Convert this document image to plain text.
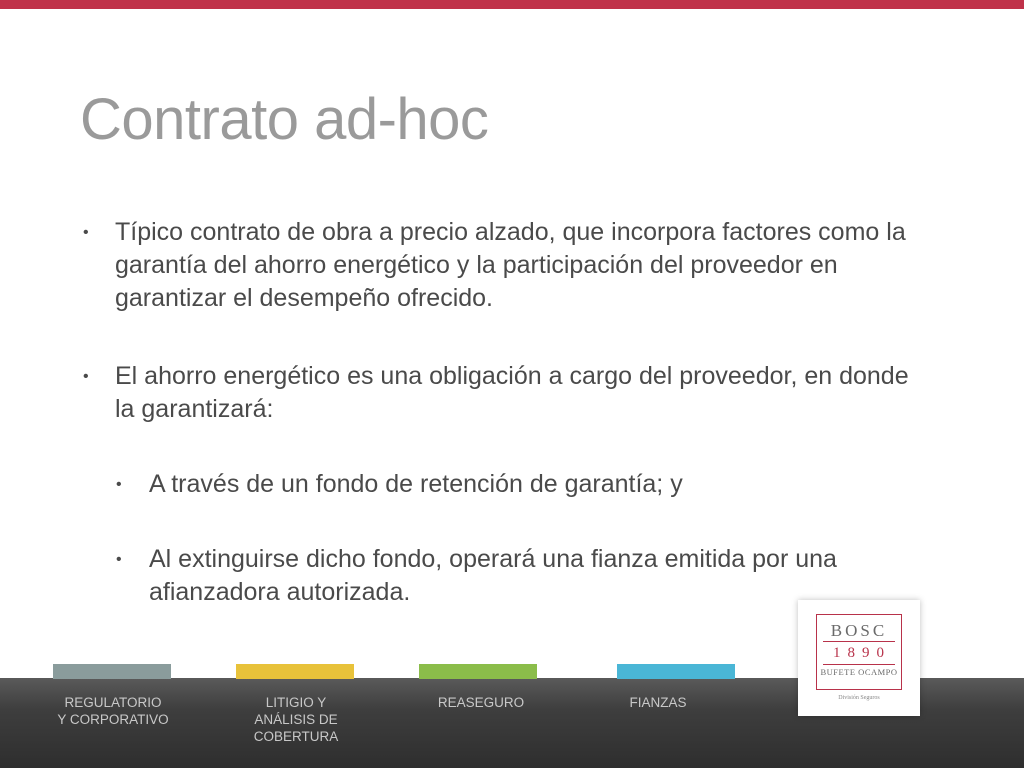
Contrato ad-hoc
• Típico contrato de obra a precio alzado, que incorpora factores como la garantía del ahorro energético y la participación del proveedor en garantizar el desempeño ofrecido.
• El ahorro energético es una obligación a cargo del proveedor, en donde la garantizará:
• A través de un fondo de retención de garantía; y
• Al extinguirse dicho fondo, operará una fianza emitida por una afianzadora autorizada.
REGULATORIO
Y CORPORATIVO
LITIGIO Y
ANÁLISIS DE
COBERTURA
REASEGURO	FIANZAS
BOSC
1890
BUFETE OCAMPO
División Seguros
